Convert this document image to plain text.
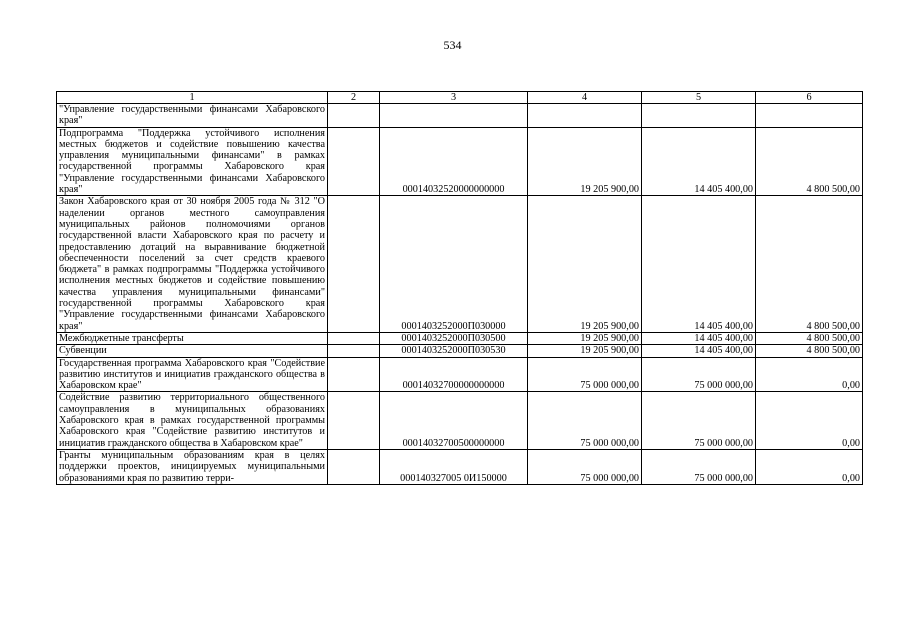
534
1	2	3	4	5	6
"Управление государственными финансами Хабаровского края"					
Подпрограмма "Поддержка устойчивого исполнения местных бюджетов и содействие повышению качества управления муниципальными финансами" в рамках государственной программы Хабаровского края "Управление государственными финансами Хабаровского края"		00014032520000000000	19 205 900,00	14 405 400,00	4 800 500,00
Закон Хабаровского края от 30 ноября 2005 года № 312 "О наделении органов местного самоуправления муниципальных районов полномочиями органов государственной власти Хабаровского края по расчету и предоставлению дотаций на выравнивание бюджетной обеспеченности поселений за счет средств краевого бюджета" в рамках подпрограммы "Поддержка устойчивого исполнения местных бюджетов и содействие повышению качества управления муниципальными финансами" государственной программы Хабаровского края "Управление государственными финансами Хабаровского края"		0001403252000П030000	19 205 900,00	14 405 400,00	4 800 500,00
Межбюджетные трансферты		0001403252000П030500	19 205 900,00	14 405 400,00	4 800 500,00
Субвенции		0001403252000П030530	19 205 900,00	14 405 400,00	4 800 500,00
Государственная программа Хабаровского края "Содействие развитию институтов и инициатив гражданского общества в Хабаровском крае"		00014032700000000000	75 000 000,00	75 000 000,00	0,00
Содействие развитию территориального общественного самоуправления в муниципальных образованиях Хабаровского края в рамках государственной программы Хабаровского края "Содействие развитию институтов и инициатив гражданского общества в Хабаровском крае"		00014032700500000000	75 000 000,00	75 000 000,00	0,00
Гранты муниципальным образованиям края в целях поддержки проектов, инициируемых муниципальными образованиями края по развитию терри-		000140327005 0И150000	75 000 000,00	75 000 000,00	0,00
